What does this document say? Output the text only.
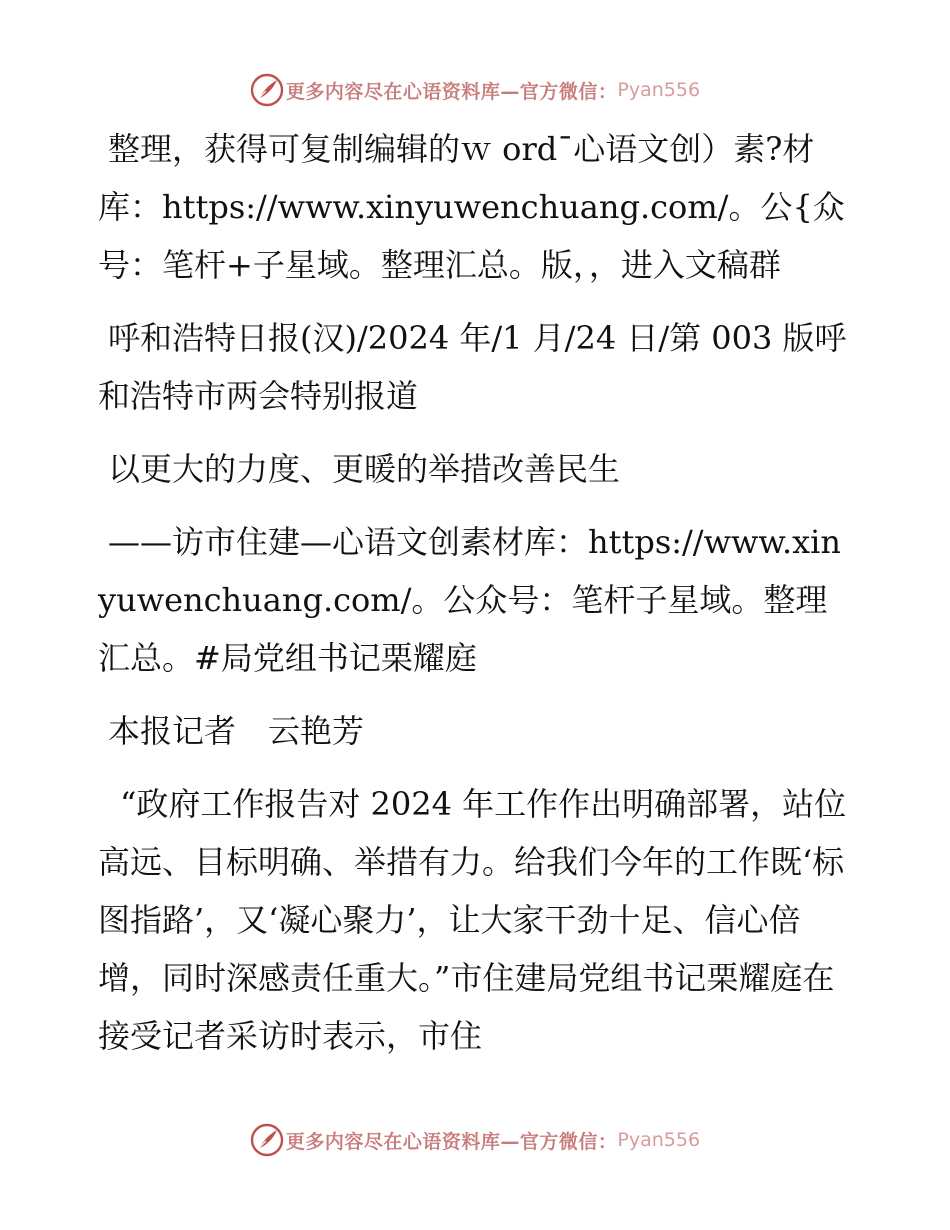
更多内容尽在心语资料库—官方微信： Pyan556

整理，获得可复制编辑的ｗ ord¯心语文创）素?材库：https://www.xinyuwenchuang.com/。公{众号：笔杆+子星域。整理汇总。版，，进入文稿群

呼和浩特日报(汉)/2024 年/1 月/24 日/第 003 版呼和浩特市两会特别报道

以更大的力度、更暖的举措改善民生

——访市住建—心语文创素材库：https://www.xinyuwenchuang.com/。公众号：笔杆子星域。整理汇总。#局党组书记栗耀庭

本报记者　云艳芳

“政府工作报告对 2024 年工作作出明确部署，站位高远、目标明确、举措有力。给我们今年的工作既‘标图指路’，又‘凝心聚力’，让大家干劲十足、信心倍增，同时深感责任重大。”市住建局党组书记栗耀庭在接受记者采访时表示，市住

更多内容尽在心语资料库—官方微信： Pyan556
